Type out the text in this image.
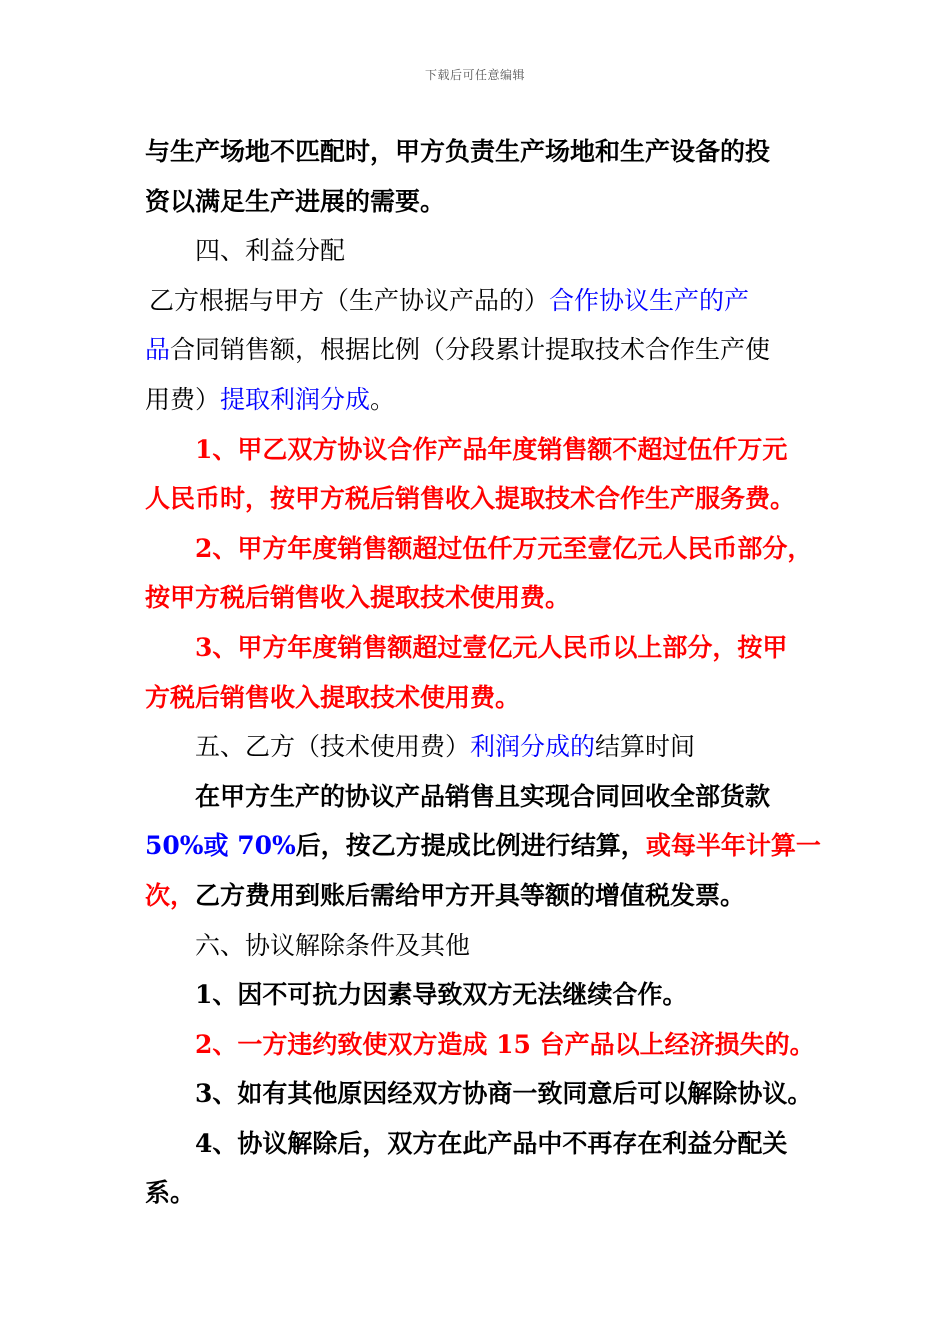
下载后可任意编辑
与生产场地不匹配时，甲方负责生产场地和生产设备的投
资以满足生产进展的需要。
四、利益分配
乙方根据与甲方（生产协议产品的）合作协议生产的产
品合同销售额，根据比例（分段累计提取技术合作生产使
用费）提取利润分成。
1、甲乙双方协议合作产品年度销售额不超过伍仟万元
人民币时，按甲方税后销售收入提取技术合作生产服务费。
2、甲方年度销售额超过伍仟万元至壹亿元人民币部分，
按甲方税后销售收入提取技术使用费。
3、甲方年度销售额超过壹亿元人民币以上部分，按甲
方税后销售收入提取技术使用费。
五、乙方（技术使用费）利润分成的结算时间
在甲方生产的协议产品销售且实现合同回收全部货款
50%或 70%后，按乙方提成比例进行结算，或每半年计算一
次，乙方费用到账后需给甲方开具等额的增值税发票。
六、协议解除条件及其他
1、因不可抗力因素导致双方无法继续合作。
2、一方违约致使双方造成 15 台产品以上经济损失的。
3、如有其他原因经双方协商一致同意后可以解除协议。
4、协议解除后，双方在此产品中不再存在利益分配关
系。
